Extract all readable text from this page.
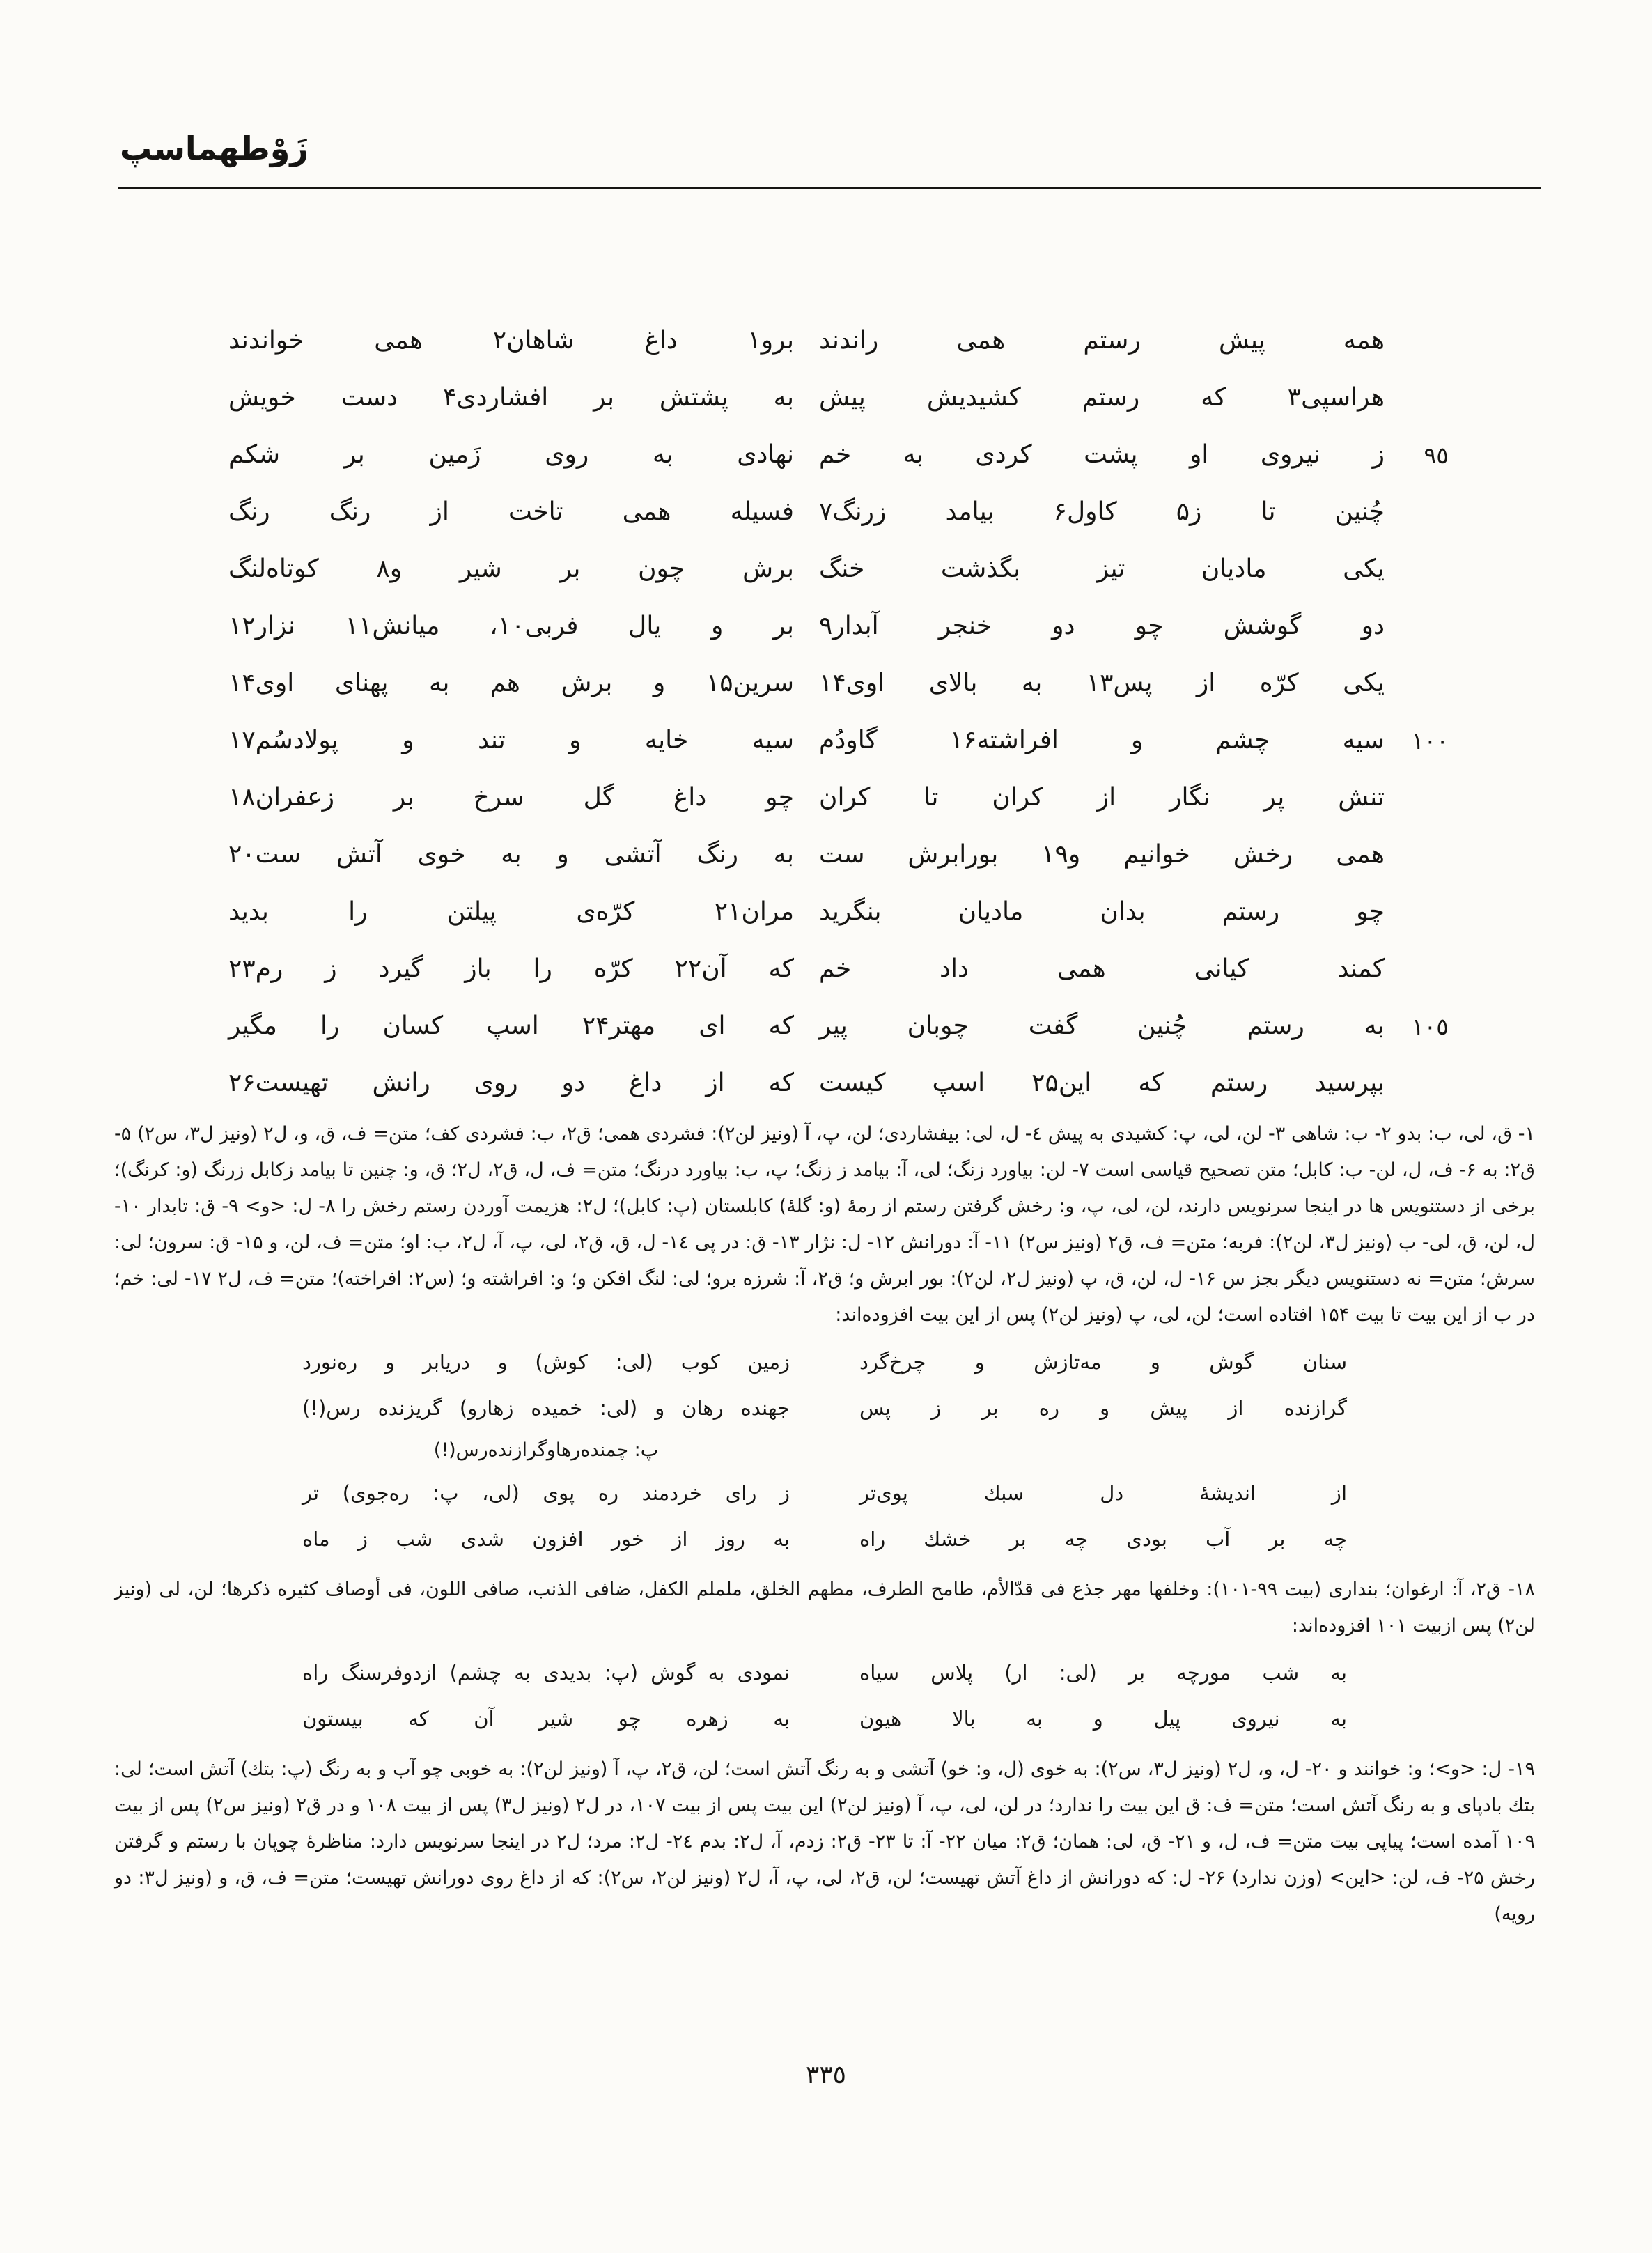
زَوْطهماسپ
همه پیش رستم همی راندند
برو۱ داغ شاهان۲ همی خواندند
هراسپی۳ که رستم کشیدیش پیش
به پشتش بر افشاردی۴ دست خویش
٩٥
ز نیروی او پشت کردی به خم
نهادی به روی زَمین بر شکم
چُنین تا ز۵ کاول۶ بیامد زرنگ۷
فسیله همی تاخت از رنگ رنگ
یکی مادیان تیز بگذشت خنگ
برش چون بر شیر و۸ کوتاه‌لنگ
دو گوشش چو دو خنجر آبدار۹
بر و یال فربی۱۰، میانش۱۱ نزار۱۲
یکی کرّه از پس۱۳ به بالای اوی۱۴
سرین۱۵ و برش هم به پهنای اوی۱۴
١٠٠
سیه چشم و افراشته۱۶ گاودُم
سیه خایه و تند و پولادسُم۱۷
تنش پر نگار از کران تا کران
چو داغ گل سرخ بر زعفران۱۸
همی رخش خوانیم و۱۹ بورابرش ست
به رنگ آتشی و به خوی آتش ست۲۰
چو رستم بدان مادیان بنگرید
مران۲۱ کرّه‌ی پیلتن را بدید
کمند کیانی همی داد خم
که آن۲۲ کرّه را باز گیرد ز رم۲۳
١٠٥
به رستم چُنین گفت چوبان پیر
که ای مهتر۲۴ اسپ کسان را مگیر
بپرسید رستم که این۲۵ اسپ کیست
که از داغ دو روی رانش تهیست۲۶

۱- ق، لی، ب: بدو ۲- ب: شاهی ۳- لن، لی، پ: کشیدی به پیش ٤- ل، لی: بیفشاردی؛ لن، پ، آ (ونیز لن۲): فشردی همی؛ ق۲، ب: فشردی کف؛ متن= ف، ق، و، ل۲ (ونیز ل۳، س۲) ۵- ق۲: به ۶- ف، ل، لن- ب: کابل؛ متن تصحیح قیاسی است ۷- لن: بیاورد زنگ؛ لی، آ: بیامد ز زنگ؛ پ، ب: بیاورد درنگ؛ متن= ف، ل، ق۲، ل۲؛ ق، و: چنین تا بیامد زکابل زرنگ (و: کرنگ)؛ برخی از دستنویس ها در اینجا سرنویس دارند، لن، لی، پ، و: رخش گرفتن رستم از رمهٔ (و: گلهٔ) کابلستان (پ: کابل)؛ ل۲: هزیمت آوردن رستم رخش را ۸- ل: <و> ۹- ق: تابدار ۱۰- ل، لن، ق، لی- ب (ونیز ل۳، لن۲): فربه؛ متن= ف، ق۲ (ونیز س۲) ۱۱- آ: دورانش ۱۲- ل: نژار ۱۳- ق: در پی ۱٤- ل، ق، ق۲، لی، پ، آ، ل۲، ب: او؛ متن= ف، لن، و ۱۵- ق: سرون؛ لی: سرش؛ متن= نه دستنویس دیگر بجز س ۱۶- ل، لن، ق، پ (ونیز ل۲، لن۲): بور ابرش و؛ ق۲، آ: شرزه برو؛ لی: لنگ افکن و؛ و: افراشته و؛ (س۲: افراخته)؛ متن= ف، ل۲ ۱۷- لی: خم؛ در ب از این بیت تا بیت ۱۵۴ افتاده است؛ لن، لی، پ (ونیز لن۲) پس از این بیت افزوده‌اند:

سنان گوش و مه‌تازش و چرخ‌گرد
زمین کوب (لی: کوش) و دریابر و ره‌نورد
گرازنده از پیش و ره بر ز پس
جهنده رهان و (لی: خمیده زهارو) گریزنده رس(!)
پ: چمنده‌رهاوگرازنده‌رس(!)
از اندیشهٔ دل سبك پوی‌تر
ز رای خردمند ره پوی (لی، پ: ره‌جوی) تر
چه بر آب بودی چه بر خشك راه
به روز از خور افزون شدی شب ز ماه

۱۸- ق۲، آ: ارغوان؛ بنداری (بیت ۹۹-۱۰۱): وخلفها مهر جذع فی قدّالأم، طامح الطرف، مطهم الخلق، ململم الکفل، ضافی الذنب، صافی اللون، فی أوصاف کثیره ذکرها؛ لن، لی (ونیز لن۲) پس ازبیت ۱۰۱ افزوده‌اند:

به شب مورچه بر (لی: ار) پلاس سیاه
نمودی به گوش (پ: بدیدی به چشم) ازدوفرسنگ راه
به نیروی پیل و به بالا هیون
به زهره چو شیر آن که بیستون

۱۹- ل: <و>؛ و: خوانند و ۲۰- ل، و، ل۲ (ونیز ل۳، س۲): به خوی (ل، و: خو) آتشی و به رنگ آتش است؛ لن، ق۲، پ، آ (ونیز لن۲): به خوبی چو آب و به رنگ (پ: بتك) آتش است؛ لی: بتك بادپای و به رنگ آتش است؛ متن= ف: ق این بیت را ندارد؛ در لن، لی، پ، آ (ونیز لن۲) این بیت پس از بیت ۱۰۷، در ل۲ (ونیز ل۳) پس از بیت ۱۰۸ و در ق۲ (ونیز س۲) پس از بیت ۱۰۹ آمده است؛ پیاپی بیت متن= ف، ل، و ۲۱- ق، لی: همان؛ ق۲: میان ۲۲- آ: تا ۲۳- ق۲: زدم، آ، ل۲: بدم ۲٤- ل۲: مرد؛ ل۲ در اینجا سرنویس دارد: مناظرهٔ چوپان با رستم و گرفتن رخش ۲۵- ف، لن: <این> (وزن ندارد) ۲۶- ل: که دورانش از داغ آتش تهیست؛ لن، ق۲، لی، پ، آ، ل۲ (ونیز لن۲، س۲): که از داغ روی دورانش تهیست؛ متن= ف، ق، و (ونیز ل۳: دو رویه)

٣٣٥
